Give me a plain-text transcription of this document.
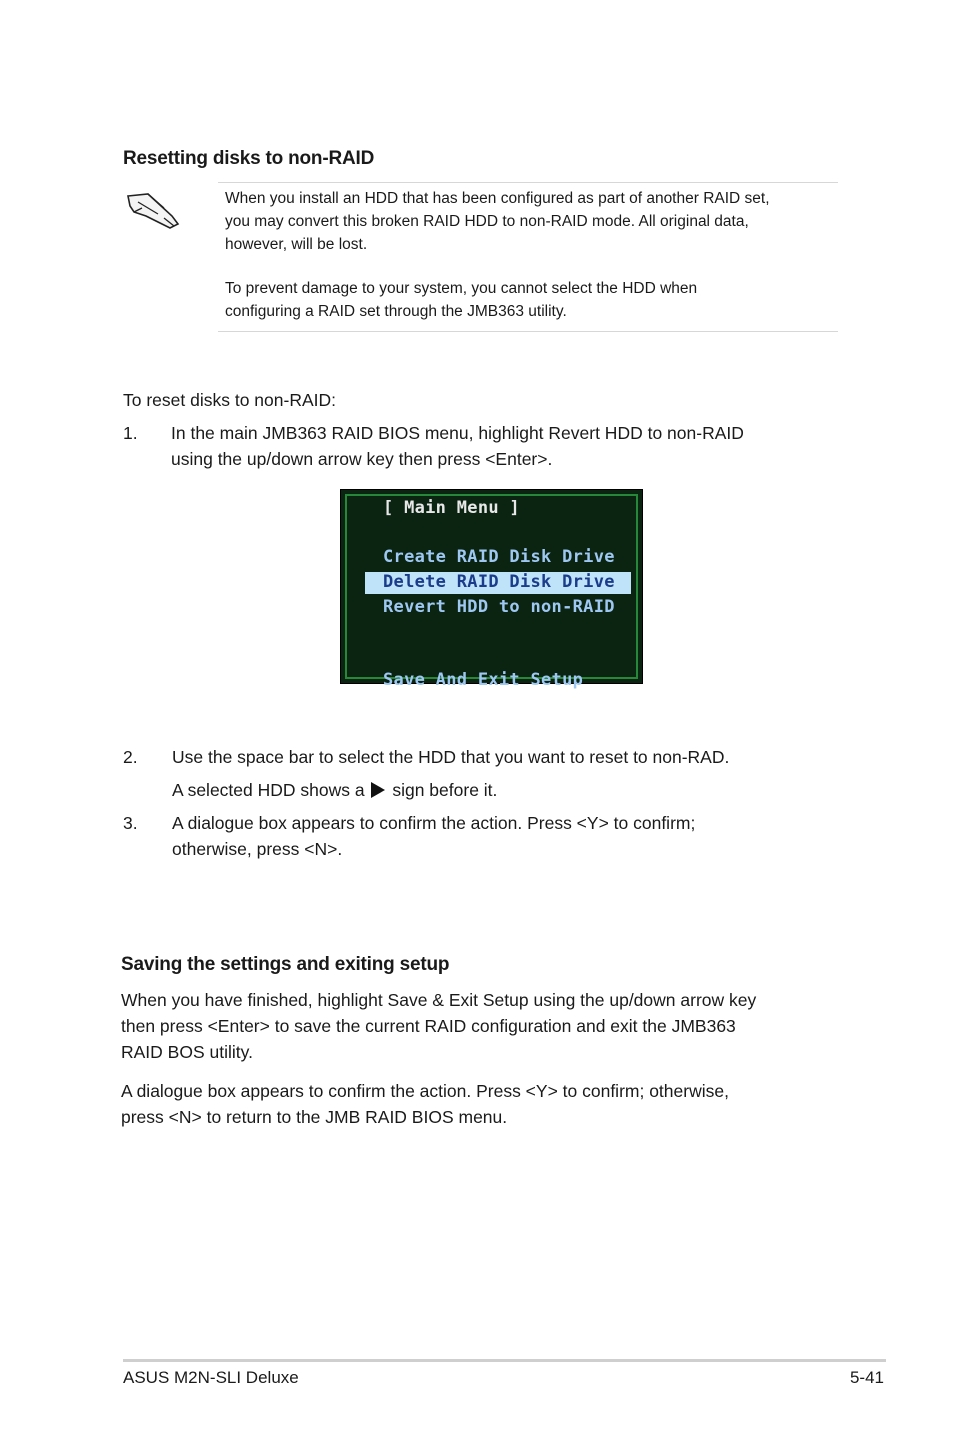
Resetting disks to non-RAID
When you install an HDD that has been configured as part of another RAID set,
you may convert this broken RAID HDD to non-RAID mode. All original data,
however, will be lost.
To prevent damage to your system, you cannot select the HDD when
configuring a RAID set through the JMB363 utility.
To reset disks to non-RAID:
1. In the main JMB363 RAID BIOS menu, highlight Revert HDD to non-RAID
using the up/down arrow key then press <Enter>.
[ Main Menu ]
Create RAID Disk Drive
Delete RAID Disk Drive
Revert HDD to non-RAID
Save And Exit Setup
2. Use the space bar to select the HDD that you want to reset to non-RAD.
A selected HDD shows a sign before it.
3. A dialogue box appears to confirm the action. Press <Y> to confirm;
otherwise, press <N>.
Saving the settings and exiting setup
When you have finished, highlight Save & Exit Setup using the up/down arrow key
then press <Enter> to save the current RAID configuration and exit the JMB363
RAID BOS utility.
A dialogue box appears to confirm the action. Press <Y> to confirm; otherwise,
press <N> to return to the JMB RAID BIOS menu.
ASUS M2N-SLI Deluxe	5-41
